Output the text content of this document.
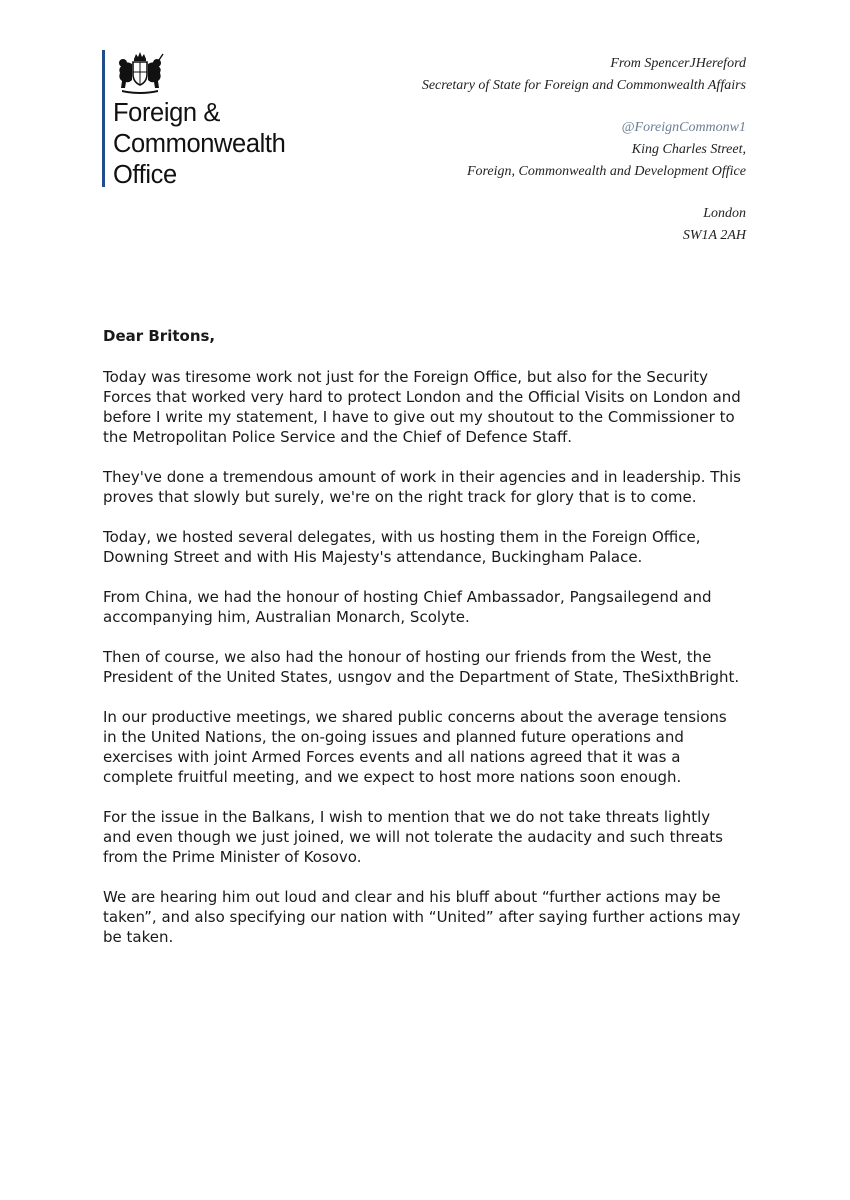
Foreign &
Commonwealth
Office
From SpencerJHereford
Secretary of State for Foreign and Commonwealth Affairs
@ForeignCommonw1
King Charles Street,
Foreign, Commonwealth and Development Office
London
SW1A 2AH

Dear Britons,

Today was tiresome work not just for the Foreign Office, but also for the Security Forces that worked very hard to protect London and the Official Visits on London and before I write my statement, I have to give out my shoutout to the Commissioner to the Metropolitan Police Service and the Chief of Defence Staff.

They've done a tremendous amount of work in their agencies and in leadership. This proves that slowly but surely, we're on the right track for glory that is to come.

Today, we hosted several delegates, with us hosting them in the Foreign Office, Downing Street and with His Majesty's attendance, Buckingham Palace.

From China, we had the honour of hosting Chief Ambassador, Pangsailegend and accompanying him, Australian Monarch, Scolyte.

Then of course, we also had the honour of hosting our friends from the West, the President of the United States, usngov and the Department of State, TheSixthBright.

In our productive meetings, we shared public concerns about the average tensions in the United Nations, the on-going issues and planned future operations and exercises with joint Armed Forces events and all nations agreed that it was a complete fruitful meeting, and we expect to host more nations soon enough.

For the issue in the Balkans, I wish to mention that we do not take threats lightly and even though we just joined, we will not tolerate the audacity and such threats from the Prime Minister of Kosovo.

We are hearing him out loud and clear and his bluff about “further actions may be taken”, and also specifying our nation with “United” after saying further actions may be taken.
